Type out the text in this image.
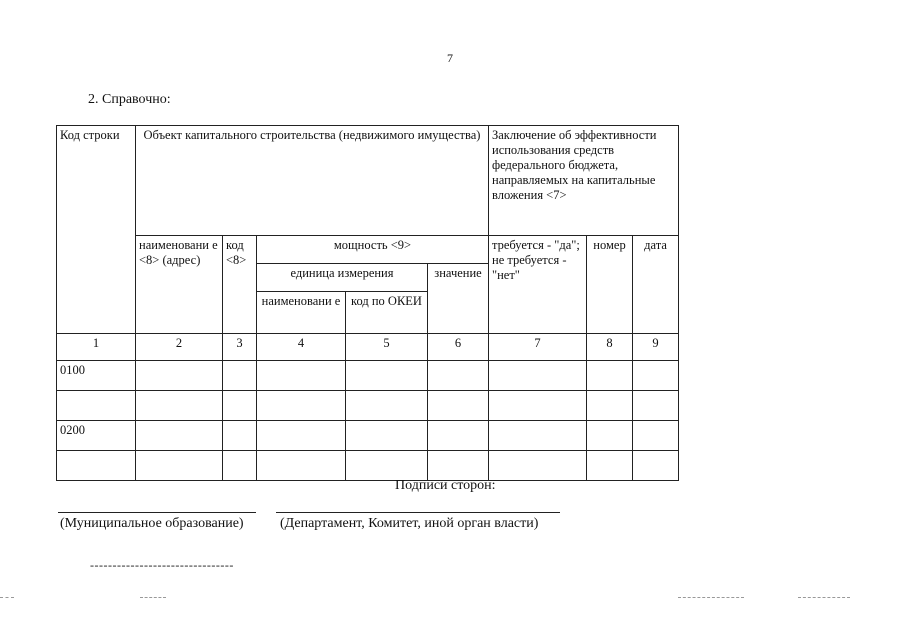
7
2. Справочно:
Код строки	Объект капитального строительства (недвижимого имущества)					Заключение об эффективности использования средств федерального бюджета, направляемых на капитальные вложения <7>		
	наименовани е <8> (адрес)	код <8>	мощность <9>			требуется - "да"; не требуется - "нет"	номер	дата
			единица измерения		значение			
			наименовани е	код по ОКЕИ				
1	2	3	4	5	6	7	8	9
0100								

0200								

Подписи сторон:
(Муниципальное образование)	(Департамент, Комитет, иной орган власти)
--------------------------------
